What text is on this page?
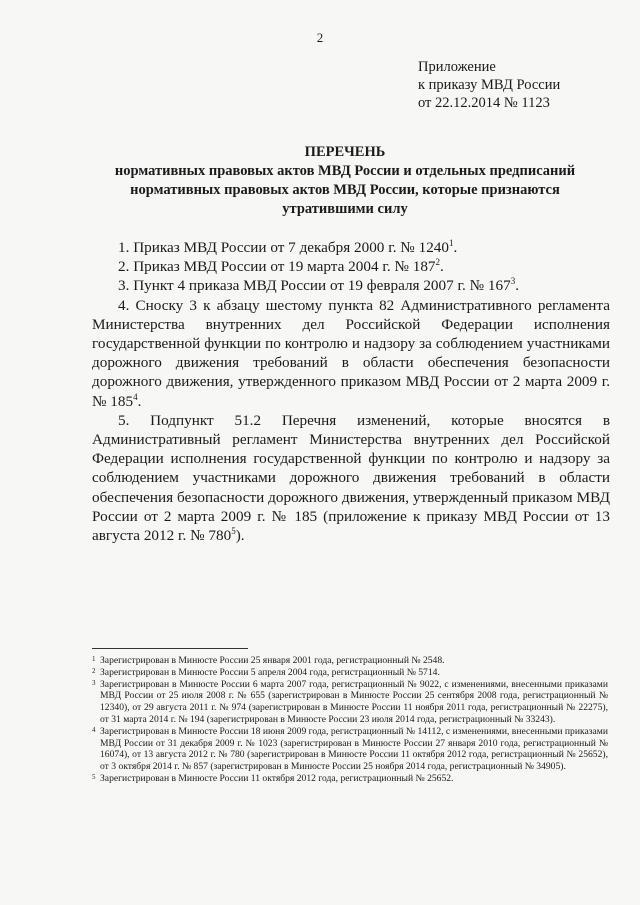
2
Приложение
к приказу МВД России
от 22.12.2014 № 1123
ПЕРЕЧЕНЬ
нормативных правовых актов МВД России и отдельных предписаний
нормативных правовых актов МВД России, которые признаются
утратившими силу

1. Приказ МВД России от 7 декабря 2000 г. № 1240$^1$.

2. Приказ МВД России от 19 марта 2004 г. № $187^2$.

3. Пункт 4 приказа МВД России от 19 февраля 2007 г. № $167^3$.

4. Сноску 3 к абзацу шестому пункта 82 Административного регламента Министерства внутренних дел Российской Федерации исполнения государственной функции по контролю и надзору за соблюдением участниками дорожного движения требований в области обеспечения безопасности дорожного движения, утвержденного приказом МВД России от 2 марта 2009 г. № $185^4$.

5. Подпункт 51.2 Перечня изменений, которые вносятся в Административный регламент Министерства внутренних дел Российской Федерации исполнения государственной функции по контролю и надзору за соблюдением участниками дорожного движения требований в области обеспечения безопасности дорожного движения, утвержденный приказом МВД России от 2 марта 2009 г. № 185 (приложение к приказу МВД России от 13 августа 2012 г. № $780^5$).

1 Зарегистрирован в Минюсте России 25 января 2001 года, регистрационный № 2548.
2 Зарегистрирован в Минюсте России 5 апреля 2004 года, регистрационный № 5714.
3 Зарегистрирован в Минюсте России 6 марта 2007 года, регистрационный № 9022, с изменениями, внесенными приказами МВД России от 25 июля 2008 г. № 655 (зарегистрирован в Минюсте России 25 сентября 2008 года, регистрационный № 12340), от 29 августа 2011 г. № 974 (зарегистрирован в Минюсте России 11 ноября 2011 года, регистрационный № 22275), от 31 марта 2014 г. № 194 (зарегистрирован в Минюсте России 23 июля 2014 года, регистрационный № 33243).
4 Зарегистрирован в Минюсте России 18 июня 2009 года, регистрационный № 14112, с изменениями, внесенными приказами МВД России от 31 декабря 2009 г. № 1023 (зарегистрирован в Минюсте России 27 января 2010 года, регистрационный № 16074), от 13 августа 2012 г. № 780 (зарегистрирован в Минюсте России 11 октября 2012 года, регистрационный № 25652), от 3 октября 2014 г. № 857 (зарегистрирован в Минюсте России 25 ноября 2014 года, регистрационный № 34905).
5 Зарегистрирован в Минюсте России 11 октября 2012 года, регистрационный № 25652.
